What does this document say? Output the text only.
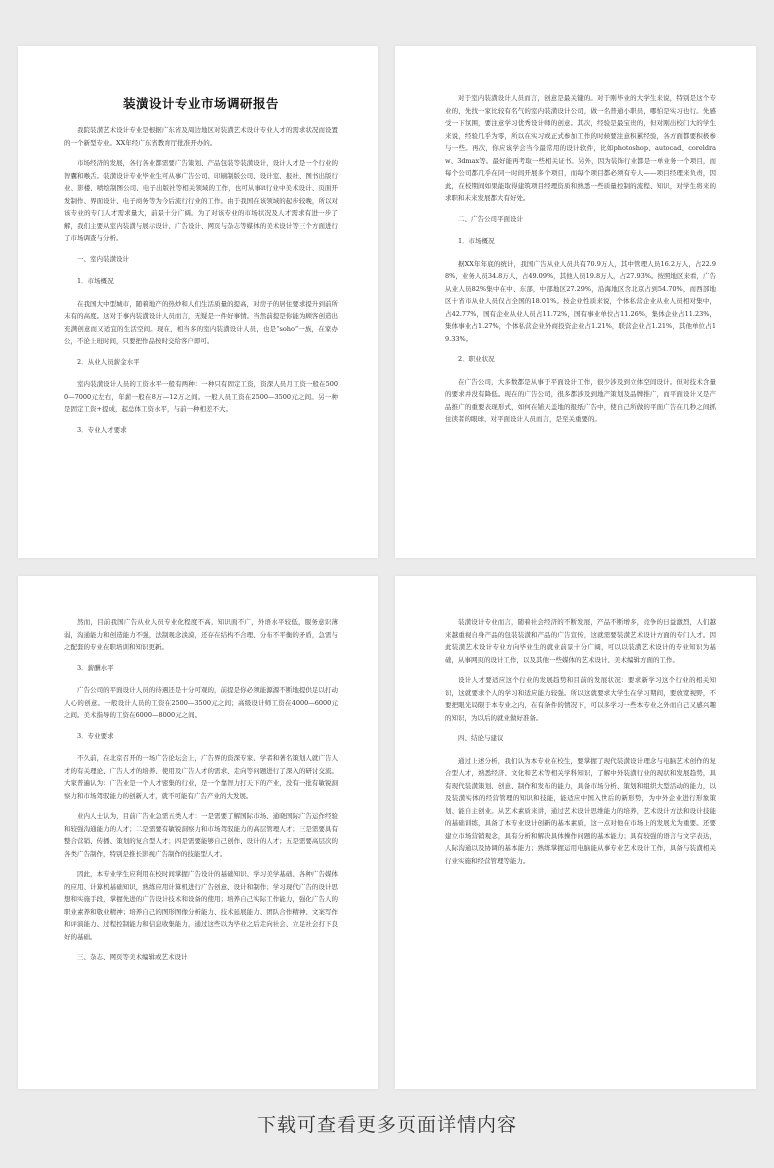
装潢设计专业市场调研报告

我院装潢艺术设计专业是根据广东省及周边地区对装潢艺术设计专业人才的需求状况而设置的一个新型专业。XX年经广东省教育厅批准开办的。

市场经济的发展，各行各业都需要广告策划、产品包装等装潢设计，设计人才是一个行业的智囊和喉舌。装潢设计专业毕业生可从事广告公司、印刷制版公司、设计室、报社、图书出版行业、影楼、喷绘制图公司、电子出版社等相关领域的工作，也可从事it行业中美术设计、页面开发制作、界面设计、电子商务等为今后流行行业的工作。由于我国在该领域的起步较晚，所以对该专业的专门人才需求量大，前景十分广阔。为了对该专业的市场状况及人才需求有进一步了解，我们主要从室内装潢与展示设计、广告设计、网页与杂志等媒体的美术设计等三个方面进行了市场调查与分析。

一、室内装潢设计

1．市场概况

在我国大中型城市，随着地产的热炒和人们生活质量的提高，对房子的居住要求提升到前所未有的高度。这对于事内装潢设计人员而言，无疑是一件好事情。当然前提是你能为顾客创造出充满创意而又适宜的生活空间。现在，相当多的室内装潢设计人员，也是“soho”一族，在家办公，不论上班时间，只要把作品按时交给客户即可。

2．从业人员薪金水平

室内装潢设计人员的工资水平一般有两种：一种只有固定工资，资深人员月工资一般在5000—7000元左右，年薪一般在8万—12万之间。一般人员工资在2500—3500元之间。另一种是固定工资+提成，起总体工资水平，与前一种相差不大。

3．专业人才要求

对于室内装潢设计人员而言，创意是最关键的。对于刚毕业的大学生来说，特别是这个专业的，先找一家比较有名气的室内装潢设计公司，做一名普通小职员，哪怕是实习也行。先感受一下氛围，要注意学习优秀设计师的创意。其次，经验是最宝贵的，但对刚出校门大的学生来说，经验几乎为零，所以在实习或正式参加工作的时候要注意积累经验，各方面都要积极参与一些。再次，你应该学会当今最常用的设计软件，比如photoshop、autocad、coreldraw、3dmax等。最好能再考取一些相关证书。另外，因为装饰行业都是一单业务一个项目，而每个公司都几乎在同一时间开展多个项目，而每个项目都必须有专人——项目经理来负责，因此，在校期间如果能取得建筑项目经理资质和熟悉一些质量控制的流程、知识，对学生将来的求职和未来发展都大有好处。

二、广告公司平面设计

1．市场概况

据XX年年底的统计，我国广告从业人员共有70.9万人，其中管理人员16.2万人，占22.98%，业务人员34.8万人，占49.09%，其他人员19.8万人，占27.93%。按照地区来看，广告从业人员82%集中在中、东部，中部地区27.29%，沿海地区含北京占到54.70%，而西部地区十省市从业人员仅占全国的18.01%。按企业性质来说，个体私营企业从业人员相对集中，占42.77%，国有企业从业人员占11.72%，国有事业单位占11.26%，集体企业占11.23%，集体事业占1.27%，个体私营企业外商投资企业占1.21%，联营企业占1.21%，其他单位占19.33%。

2．职业状况

在广告公司，大多数都是从事于平面设计工作，很少涉及到立体空间设计。但对技术含量的要求并没有降低。现在的广告公司，很多都涉及到地产策划及品牌推广，而平面设计又是产品推广的重要表现形式，如何在铺天盖地的报纸广告中，使自己所做的平面广告在几秒之间抓住读者的眼球，对平面设计人员而言，是至关重要的。

然而，目前我国广告从业人员专业化程度不高，知识面不广，外语水平较低，服务意识薄弱，沟通能力和创造能力不强，法制观念淡漠，还存在结构不合理、分布不平衡的矛盾，急需与之配套的专业在职培训和知识更新。

3．薪酬水平

广告公司的平面设计人员的待遇还是十分可观的，前提是你必须能源源不断地提供足以打动人心的创意。一般设计人员的工资在2500—3500元之间；高级设计师工资在4000—6000元之间。美术指导的工资在6000—8000元之间。

3．专业要求

不久前，在北京召开的一场广告论坛会上，广告界的资深专家、学者和著名策划人就广告人才的有关理论、广告人才的培养、使用及广告人才的需求、走向等问题进行了深入的研讨交流。大家普遍认为：广告业是一个人才密集的行业，是一个靠智力打天下的产业，没有一批有敏锐洞察力和市场驾驭能力的创新人才，就不可能有广告产业的大发展。

业内人士认为，目前广告业急需五类人才：一是需要了解国际市场、通晓国际广告运作经验和较强沟通能力的人才；二是需要有敏锐洞察力和市场驾驭能力的高层管理人才；三是需要具有整合营销、传播、策划的复合型人才；四是需要能够自己创作、设计的人才；五是需要高层次的各类广告制作，特别是推长影视广告制作的技能型人才。

因此，本专业学生应利用在校时间掌握广告设计的基础知识、学习美学基础、各种广告媒体的应用、计算机基础知识，熟练应用计算机进行广告创意、设计和制作；学习现代广告的设计思想和实施手段，掌握先进的广告设计技术和设备的使用；培养自己实际工作能力，强化广告人的职业素养和敬业精神；培养自己的图形图像分析能力、技术延展能力、团队合作精神、文案写作和评演能力、过程控制能力和信息收集能力，通过这些以为毕业之后走向社会、立足社会打下良好的基础。

三、杂志、网页等美术编辑或艺术设计

装潢设计专业而言，随着社会经济的不断发展，产品不断增多，竞争的日益激烈，人们越来越重视自身产品的包装装潢和产品的广告宣传，这就需要装潢艺术设计方面的专门人才。因此装潢艺术设计专业方向毕业生的就业前景十分广阔，可以以装潢艺术设计的专业知识为基础，从事网页的设计工作，以及其他一些媒体的艺术设计、美术编辑方面的工作。

设计人才要适应这个行业的发展趋势和目前的发展状况：要求新学习这个行业的相关知识，这就要求个人的学习和适应能力较强。所以这就要求大学生在学习期间，要放宽视野，不要把眼光局限于本专业之内，在有条件的情况下，可以多学习一些本专业之外而自己又感兴趣的知识，为以后的就业做好准备。

四、结论与建议

通过上述分析，我们认为本专业在校生，要掌握了现代装潢设计理念与电脑艺术创作的复合型人才，熟悉经济、文化和艺术等相关学科知识，了解中外装潢行业的现状和发展趋势，具有现代装潢策划、创意、制作和发布的能力，具备市场分析、策划和组织大型活动的能力，以及装潢实体的经营管理的知识和技能，能适应中国入世后的新形势，为中外企业进行形象策划、能自主创业。从艺术素质来讲，通过艺术设计思维能力的培养，艺术设计方法和设计技能的基础训练，具备了本专业设计创新的基本素质，这一点对他在市场上的发展尤为重要。还要建立市场营销观念，具有分析和解决具体操作问题的基本能力；具有较强的语言与文字表达，人际沟通以及协调的基本能力；熟练掌握运用电脑能从事专业艺术设计工作，具备与装潢相关行业实施和经营管理等能力。

下载可查看更多页面详情内容
